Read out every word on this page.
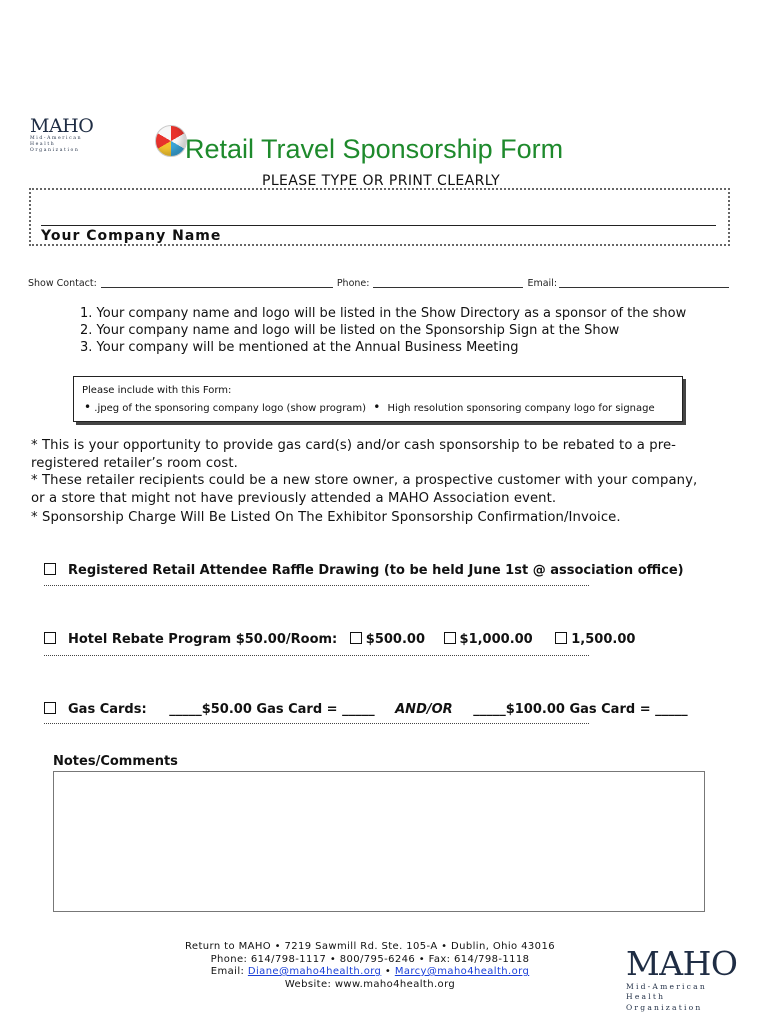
MAHO
Mid-American Health
Organization	Retail Travel Sponsorship Form
PLEASE TYPE OR PRINT CLEARLY
Your Company Name
Show Contact:	Phone:	Email:
1. Your company name and logo will be listed in the Show Directory as a sponsor of the show
2. Your company name and logo will be listed on the Sponsorship Sign at the Show
3. Your company will be mentioned at the Annual Business Meeting
Please include with this Form:
• .jpeg of the sponsoring company logo (show program) • High resolution sponsoring company logo for signage
* This is your opportunity to provide gas card(s) and/or cash sponsorship to be rebated to a pre-registered retailer’s room cost.
* These retailer recipients could be a new store owner, a prospective customer with your company, or a store that might not have previously attended a MAHO Association event.
* Sponsorship Charge Will Be Listed On The Exhibitor Sponsorship Confirmation/Invoice.
Registered Retail Attendee Raffle Drawing (to be held June 1st @ association office)
Hotel Rebate Program $50.00/Room: $500.00	$1,000.00	1,500.00
Gas Cards: _____$50.00 Gas Card = _____ AND/OR _____$100.00 Gas Card = _____
Notes/Comments
Return to MAHO • 7219 Sawmill Rd. Ste. 105-A • Dublin, Ohio 43016
Phone: 614/798-1117 • 800/795-6246 • Fax: 614/798-1118
Email: Diane@maho4health.org • Marcy@maho4health.org
Website: www.maho4health.org
MAHO
Mid-American Health
Organization
